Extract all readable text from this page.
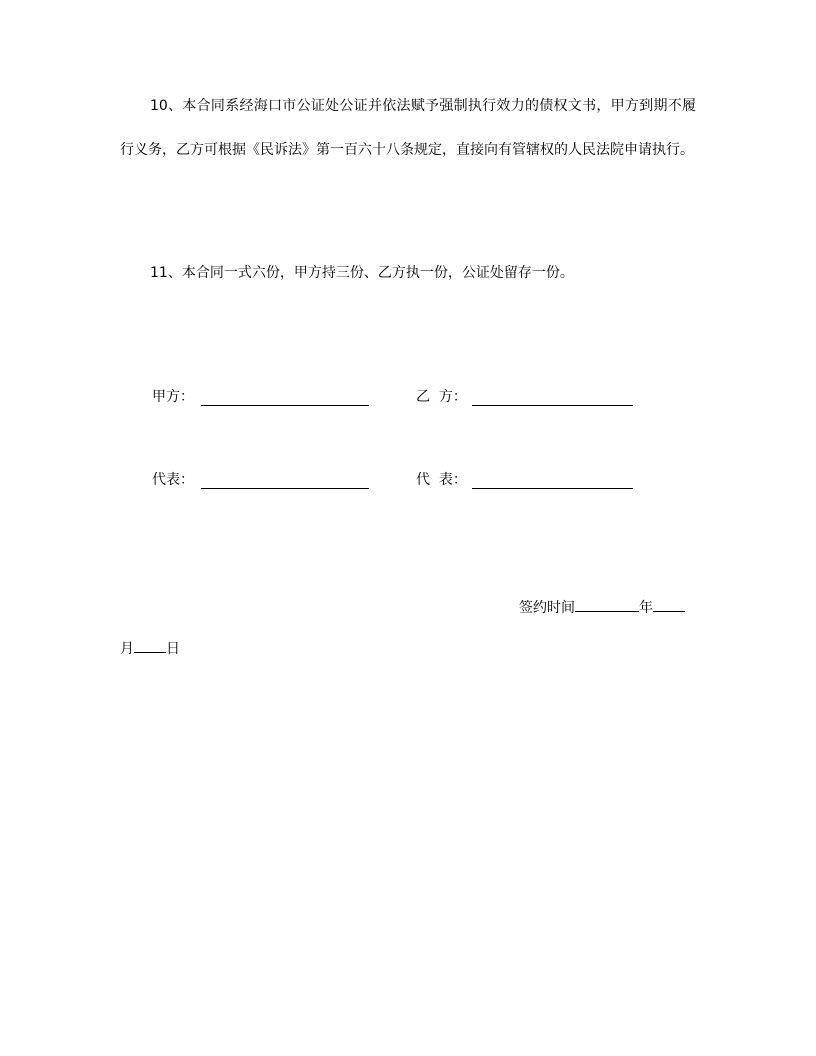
10、本合同系经海口市公证处公证并依法赋予强制执行效力的债权文书，甲方到期不履行义务，乙方可根据《民诉法》第一百六十八条规定，直接向有管辖权的人民法院申请执行。

11、本合同一式六份，甲方持三份、乙方执一份，公证处留存一份。

甲方：	乙  方：
代表：	代  表：
签约时间	年
月 日
